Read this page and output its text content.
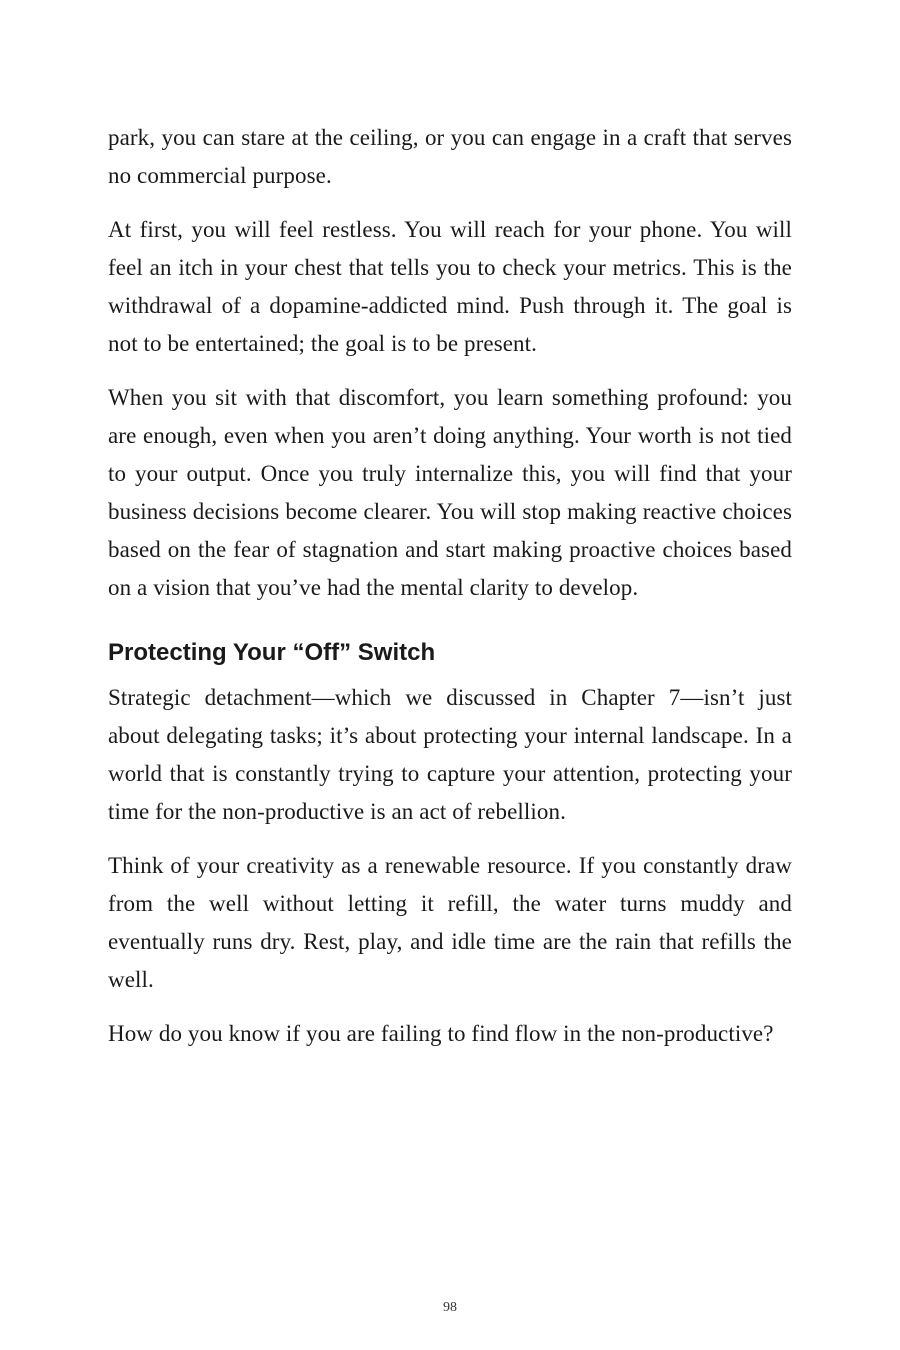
park, you can stare at the ceiling, or you can engage in a craft that serves no commercial purpose.

At first, you will feel restless. You will reach for your phone. You will feel an itch in your chest that tells you to check your metrics. This is the withdrawal of a dopamine-addicted mind. Push through it. The goal is not to be entertained; the goal is to be present.

When you sit with that discomfort, you learn something profound: you are enough, even when you aren’t doing anything. Your worth is not tied to your output. Once you truly internalize this, you will find that your business decisions become clearer. You will stop making reactive choices based on the fear of stagnation and start making proactive choices based on a vision that you’ve had the mental clarity to develop.

Protecting Your “Off” Switch

Strategic detachment—which we discussed in Chapter 7—isn’t just about delegating tasks; it’s about protecting your internal landscape. In a world that is constantly trying to capture your attention, protecting your time for the non-productive is an act of rebellion.

Think of your creativity as a renewable resource. If you constantly draw from the well without letting it refill, the water turns muddy and eventually runs dry. Rest, play, and idle time are the rain that refills the well.

How do you know if you are failing to find flow in the non-productive?

98
